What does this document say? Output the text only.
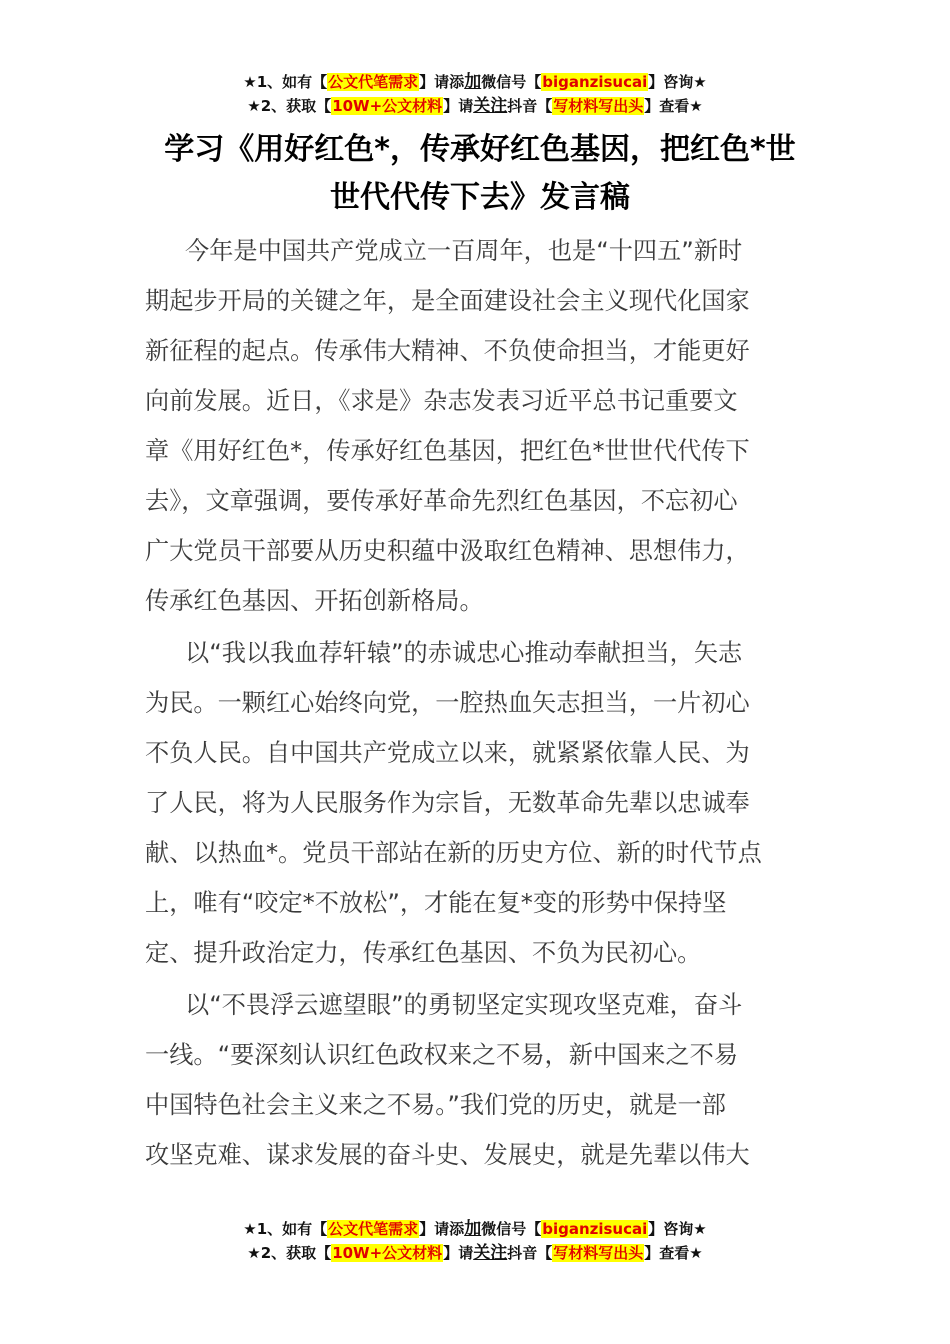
★1、如有【公文代笔需求】请添加微信号【biganzisucai】咨询★
★2、获取【10W+公文材料】请关注抖音【写材料写出头】查看★
学习《用好红色*，传承好红色基因，把红色*世
世代代传下去》发言稿
今年是中国共产党成立一百周年，也是“十四五”新时
期起步开局的关键之年，是全面建设社会主义现代化国家
新征程的起点。传承伟大精神、不负使命担当，才能更好
向前发展。近日，《求是》杂志发表习近平总书记重要文
章《用好红色*，传承好红色基因，把红色*世世代代传下
去》，文章强调，要传承好革命先烈红色基因，不忘初心
广大党员干部要从历史积蕴中汲取红色精神、思想伟力，
传承红色基因、开拓创新格局。
以“我以我血荐轩辕”的赤诚忠心推动奉献担当，矢志
为民。一颗红心始终向党，一腔热血矢志担当，一片初心
不负人民。自中国共产党成立以来，就紧紧依靠人民、为
了人民，将为人民服务作为宗旨，无数革命先辈以忠诚奉
献、以热血*。党员干部站在新的历史方位、新的时代节点
上，唯有“咬定*不放松”，才能在复*变的形势中保持坚
定、提升政治定力，传承红色基因、不负为民初心。
以“不畏浮云遮望眼”的勇韧坚定实现攻坚克难，奋斗
一线。“要深刻认识红色政权来之不易，新中国来之不易
中国特色社会主义来之不易。”我们党的历史，就是一部
攻坚克难、谋求发展的奋斗史、发展史，就是先辈以伟大
★1、如有【公文代笔需求】请添加微信号【biganzisucai】咨询★
★2、获取【10W+公文材料】请关注抖音【写材料写出头】查看★
